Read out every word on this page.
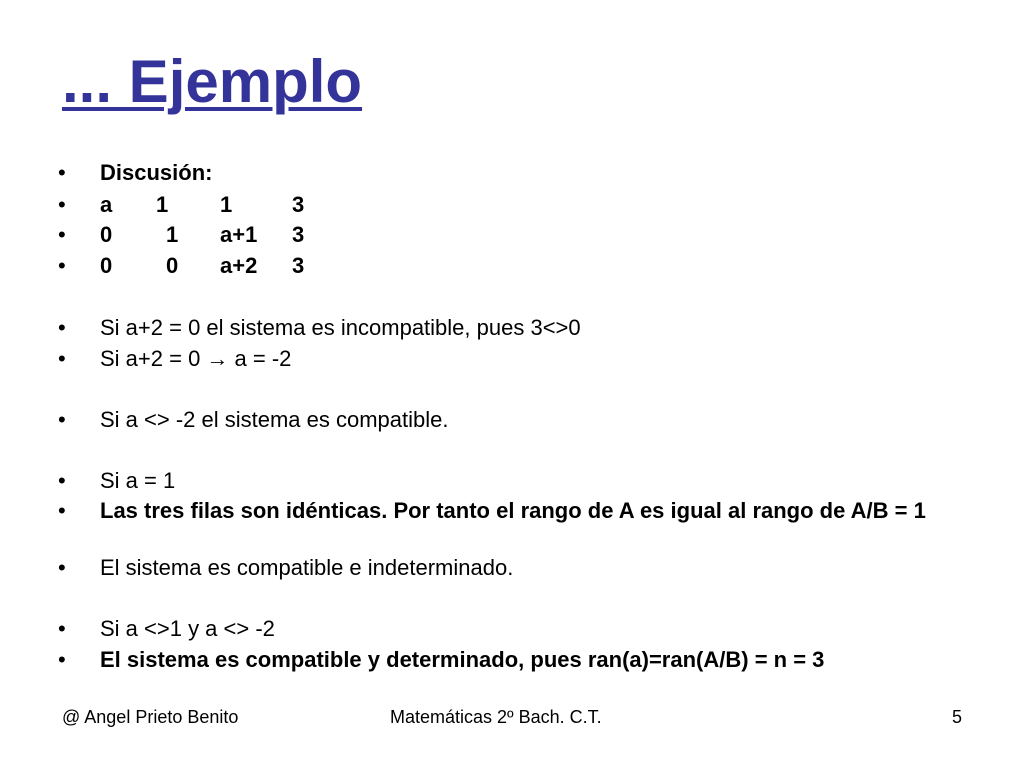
... Ejemplo
•	Discusión:
•	a 1 1	3
•	0 1 a+1 3
•	0 0 a+2 3
•	Si a+2 = 0 el sistema es incompatible, pues 3<>0
•	Si a+2 = 0 → a = -2
•	Si a <> -2 el sistema es compatible.
•	Si a = 1
•	Las tres filas son idénticas. Por tanto el rango de A es igual al rango de A/B = 1
•	El sistema es compatible e indeterminado.
•	Si a <>1 y a <> -2
•	El sistema es compatible y determinado, pues ran(a)=ran(A/B) = n = 3
@ Angel Prieto Benito	Matemáticas 2º Bach. C.T.	5
